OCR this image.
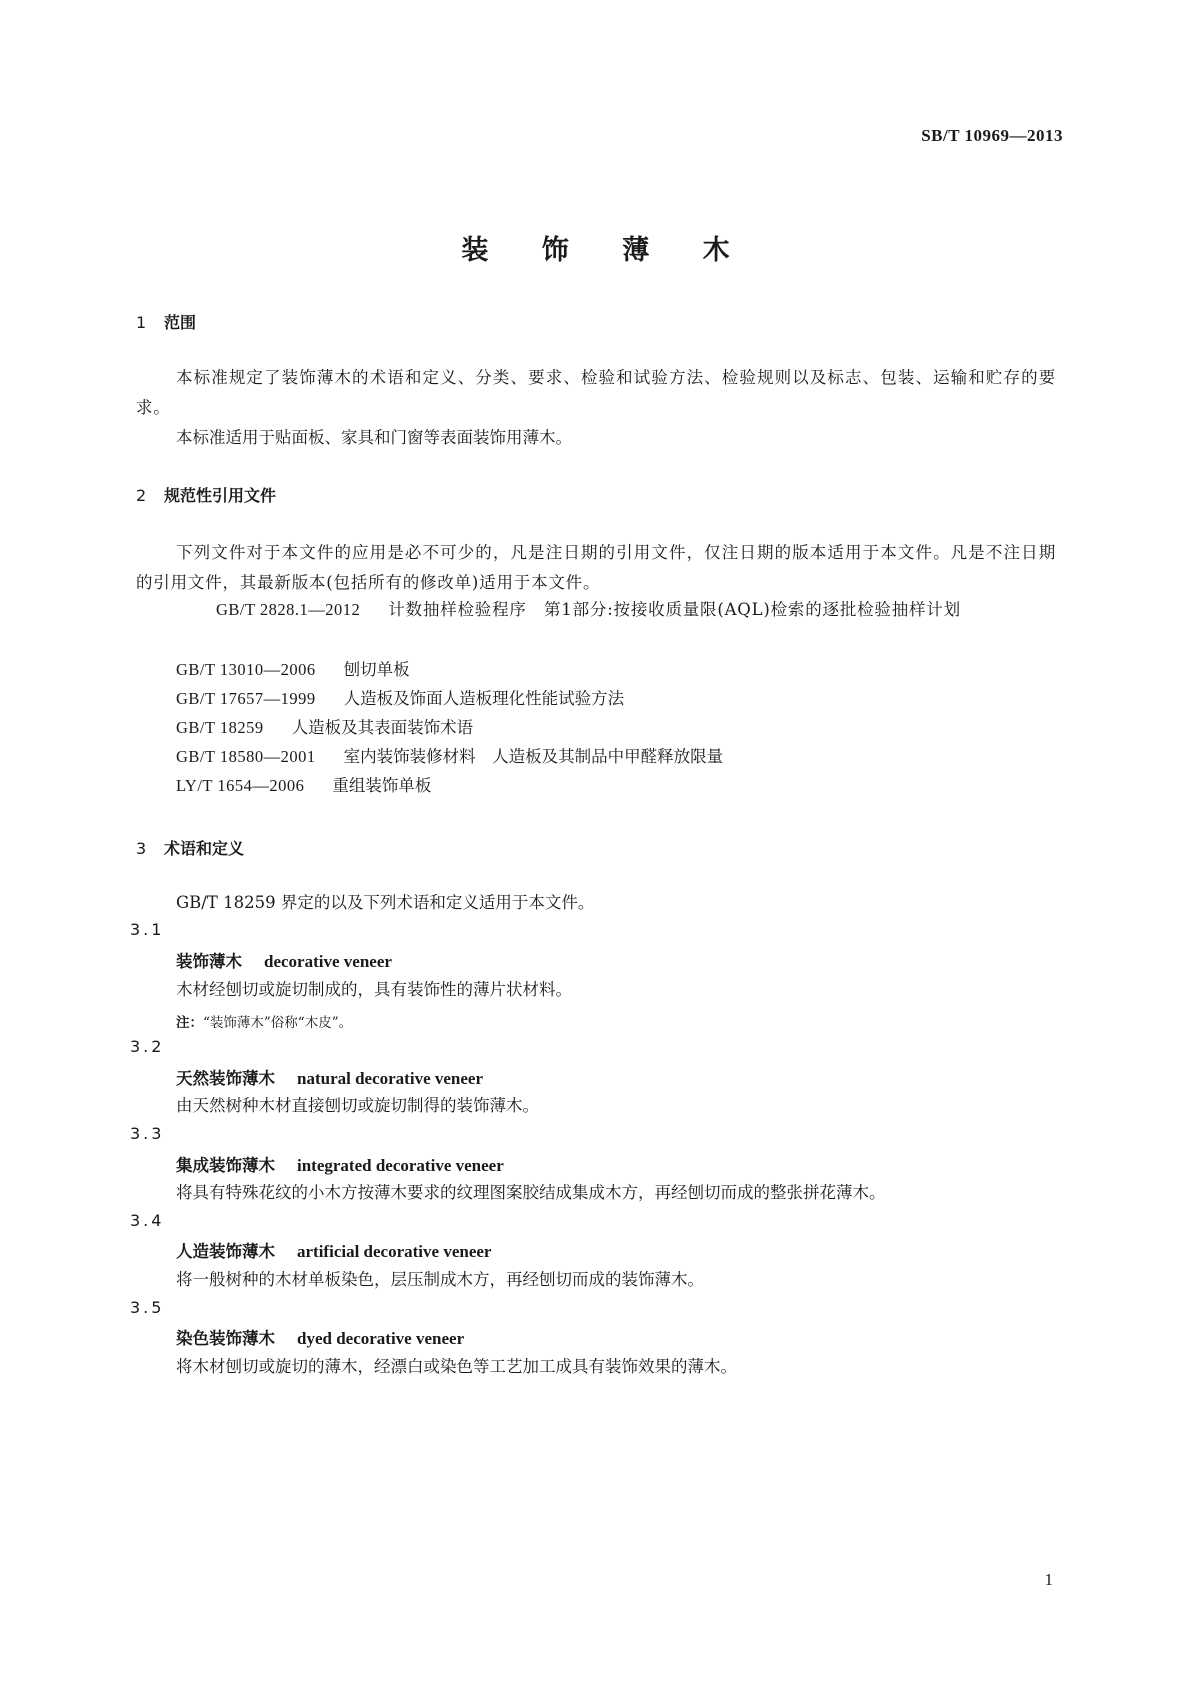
SB/T 10969—2013
装 饰 薄 木
1 范围
本标准规定了装饰薄木的术语和定义、分类、要求、检验和试验方法、检验规则以及标志、包装、运输和贮存的要求。
本标准适用于贴面板、家具和门窗等表面装饰用薄木。
2 规范性引用文件
下列文件对于本文件的应用是必不可少的，凡是注日期的引用文件，仅注日期的版本适用于本文件。凡是不注日期的引用文件，其最新版本(包括所有的修改单)适用于本文件。
GB/T 2828.1—2012 计数抽样检验程序　第1部分:按接收质量限(AQL)检索的逐批检验抽样计划
GB/T 13010—2006 刨切单板
GB/T 17657—1999 人造板及饰面人造板理化性能试验方法
GB/T 18259 人造板及其表面装饰术语
GB/T 18580—2001 室内装饰装修材料　人造板及其制品中甲醛释放限量
LY/T 1654—2006 重组装饰单板
3 术语和定义
GB/T 18259 界定的以及下列术语和定义适用于本文件。
3.1
装饰薄木 decorative veneer
木材经刨切或旋切制成的，具有装饰性的薄片状材料。
注：“装饰薄木”俗称“木皮”。
3.2
天然装饰薄木 natural decorative veneer
由天然树种木材直接刨切或旋切制得的装饰薄木。
3.3
集成装饰薄木 integrated decorative veneer
将具有特殊花纹的小木方按薄木要求的纹理图案胶结成集成木方，再经刨切而成的整张拼花薄木。
3.4
人造装饰薄木 artificial decorative veneer
将一般树种的木材单板染色，层压制成木方，再经刨切而成的装饰薄木。
3.5
染色装饰薄木 dyed decorative veneer
将木材刨切或旋切的薄木，经漂白或染色等工艺加工成具有装饰效果的薄木。
1
